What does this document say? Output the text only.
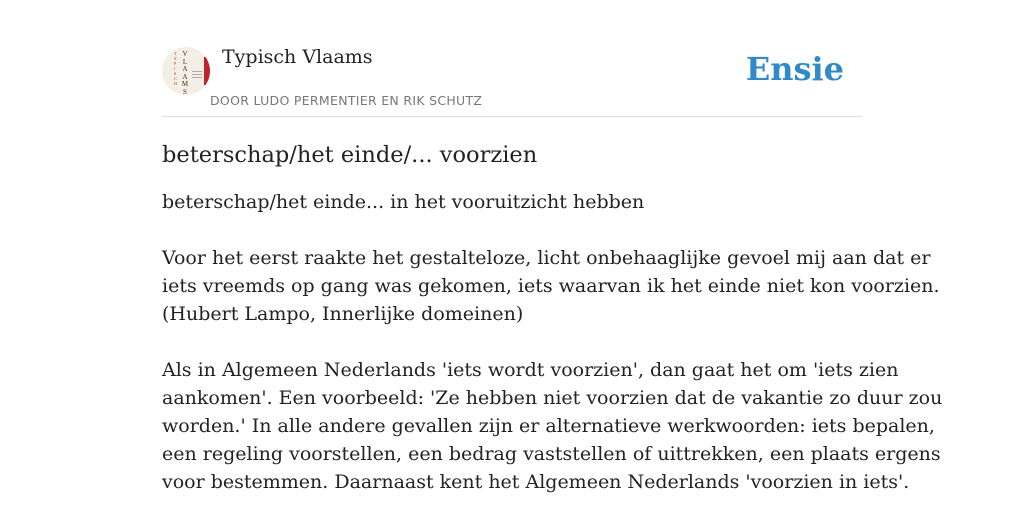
T
Y
P
I
S
C
H
V
L
A
A
M
S
Typisch Vlaams
DOOR LUDO PERMENTIER EN RIK SCHUTZ
Ensie
beterschap/het einde/... voorzien

beterschap/het einde... in het vooruitzicht hebben

Voor het eerst raakte het gestalteloze, licht onbehaaglijke gevoel mij aan dat er
iets vreemds op gang was gekomen, iets waarvan ik het einde niet kon voorzien.
(Hubert Lampo, Innerlijke domeinen)

Als in Algemeen Nederlands 'iets wordt voorzien', dan gaat het om 'iets zien
aankomen'. Een voorbeeld: 'Ze hebben niet voorzien dat de vakantie zo duur zou
worden.' In alle andere gevallen zijn er alternatieve werkwoorden: iets bepalen,
een regeling voorstellen, een bedrag vaststellen of uittrekken, een plaats ergens
voor bestemmen. Daarnaast kent het Algemeen Nederlands 'voorzien in iets'.
